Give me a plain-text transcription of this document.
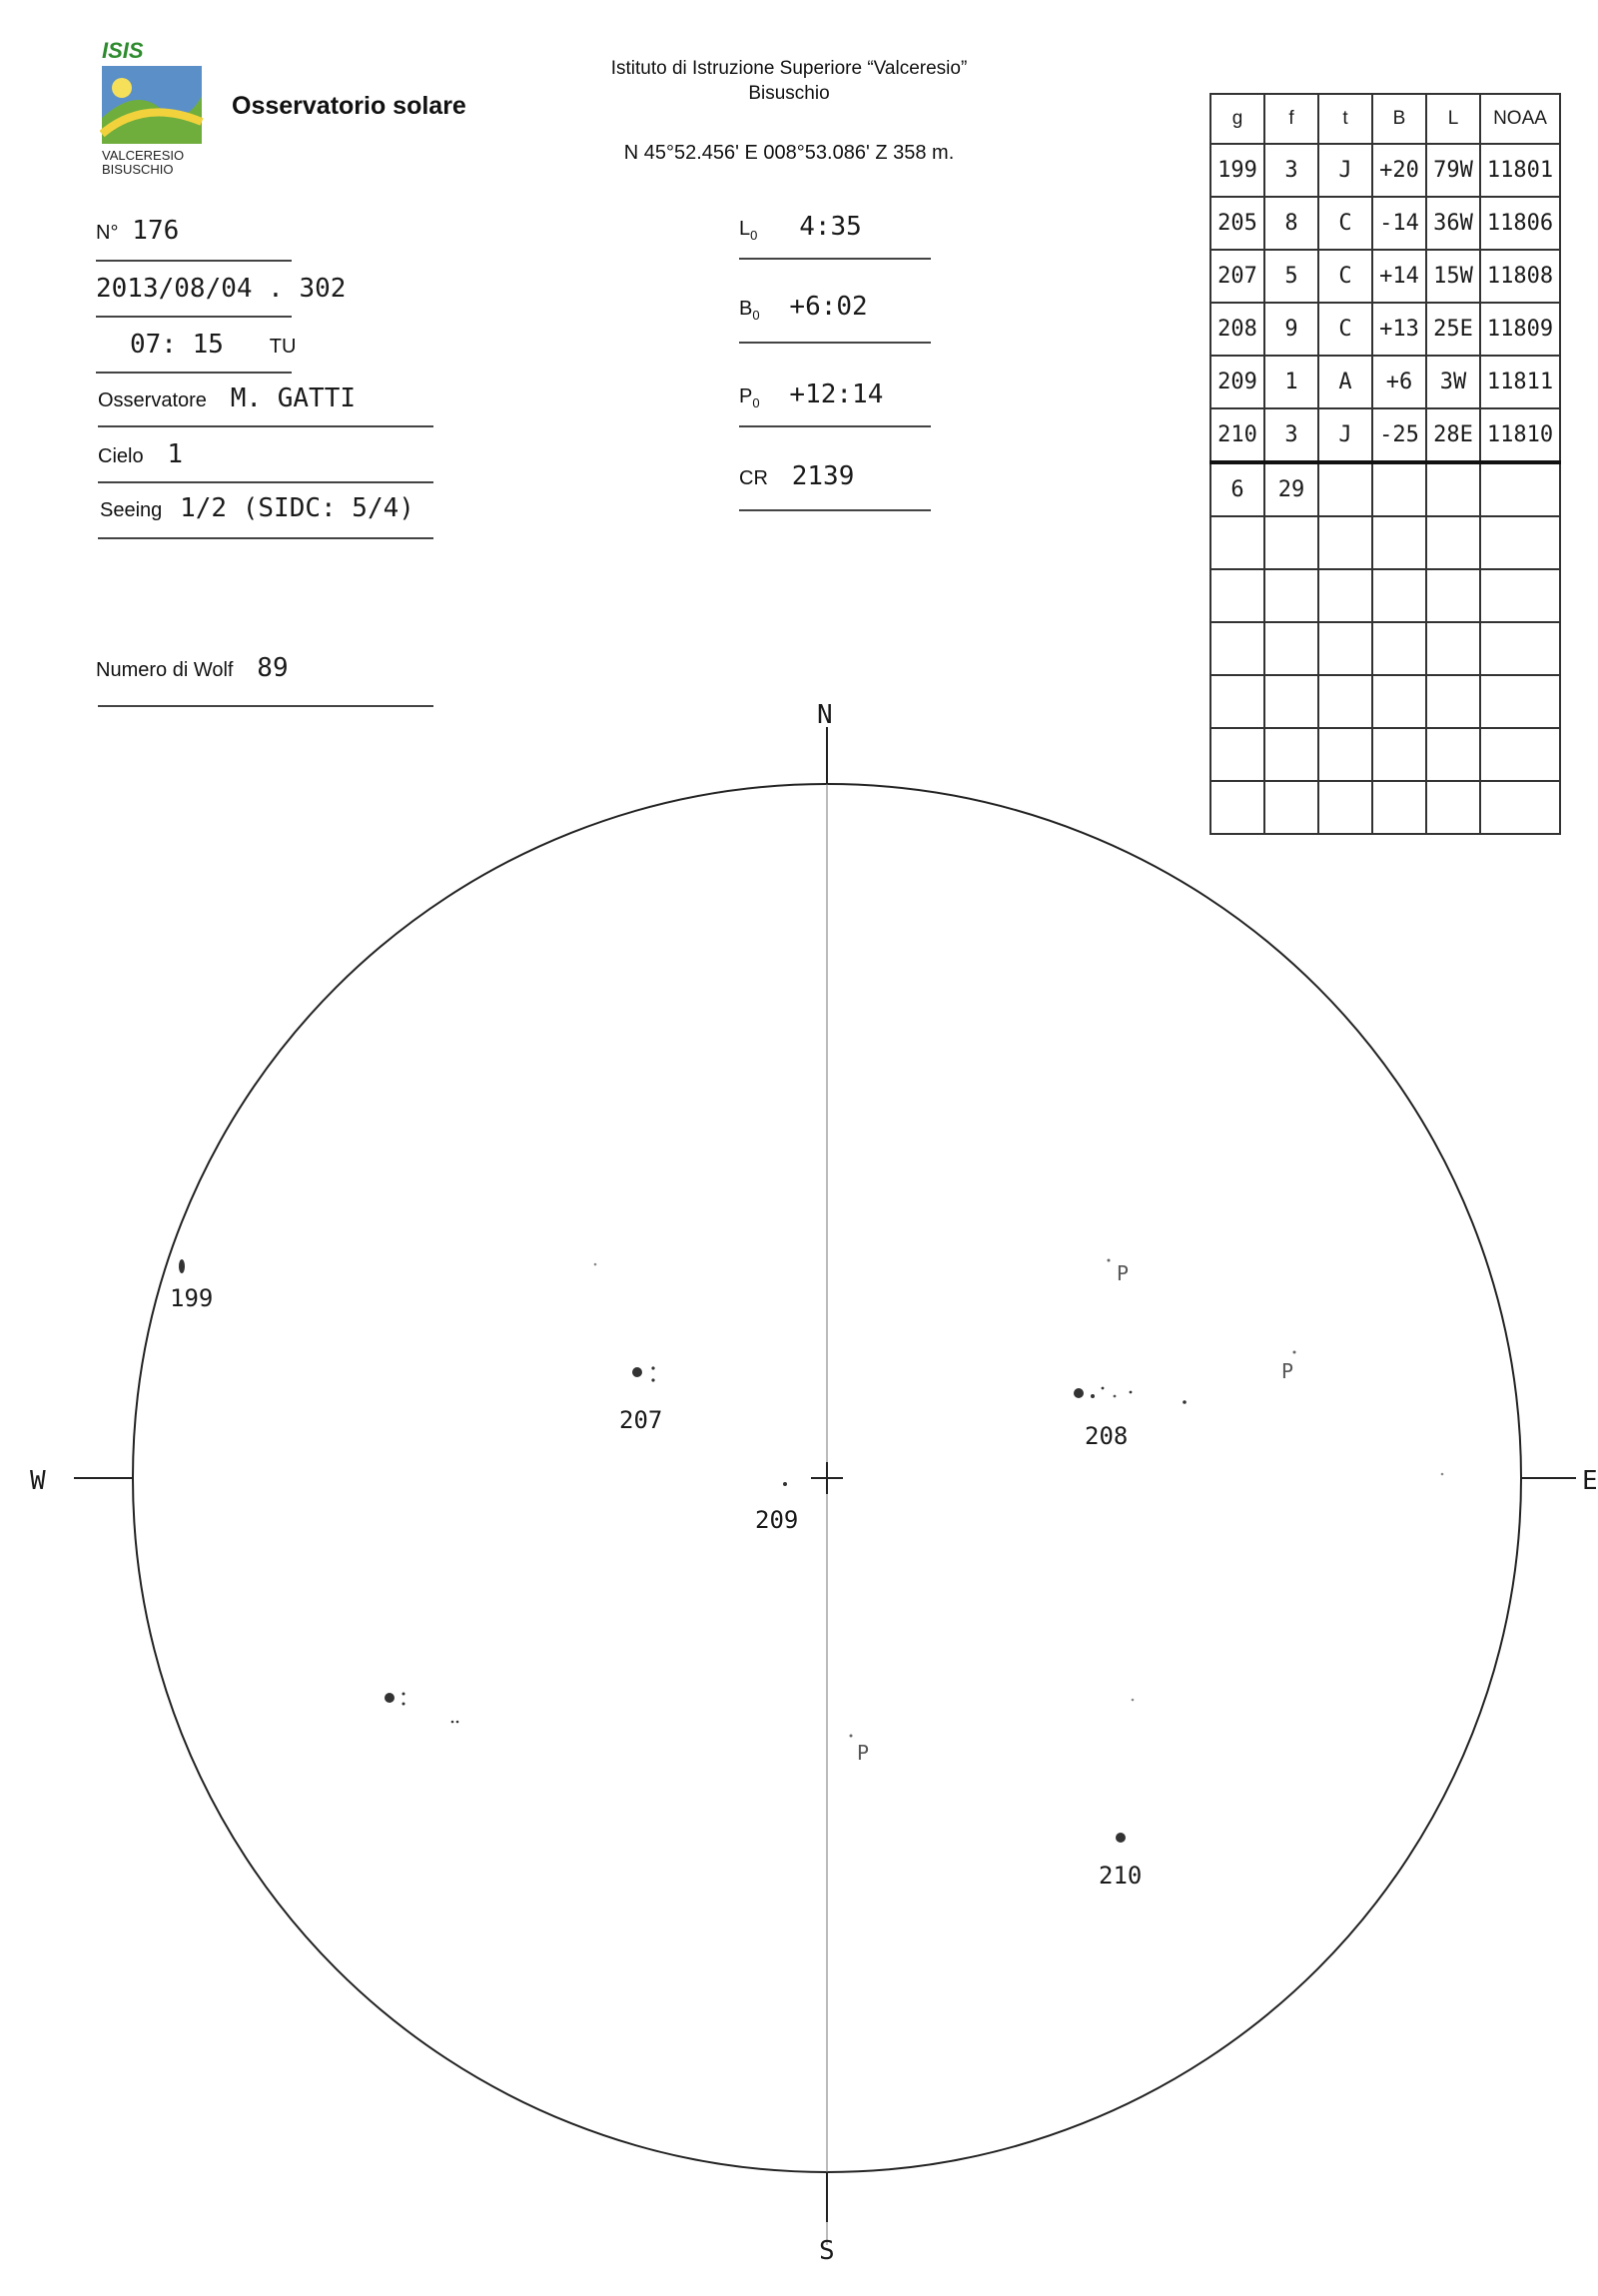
ISIS
VALCERESIO
BISUSCHIO
Osservatorio solare
Istituto di Istruzione Superiore “Valceresio”
Bisuschio
N 45°52.456' E 008°53.086' Z 358 m.
N° 176
2013/08/04 . 302
07: 15 TU
Osservatore M. GATTI
Cielo 1
Seeing 1/2 (SIDC: 5/4)
Numero di Wolf 89
$L_0$ 4:35
$B_0$ +6:02
$P_0$ +12:14
CR 2139
g	f	t	B	L	NOAA
199	3	J	+20	79W	11801
205	8	C	-14	36W	11806
207	5	C	+14	15W	11808
208	9	C	+13	25E	11809
209	1	A	+6	3W	11811
210	3	J	-25	28E	11810
6	29				

N
S
W	E
199
207
208
209
210
P
P
P
